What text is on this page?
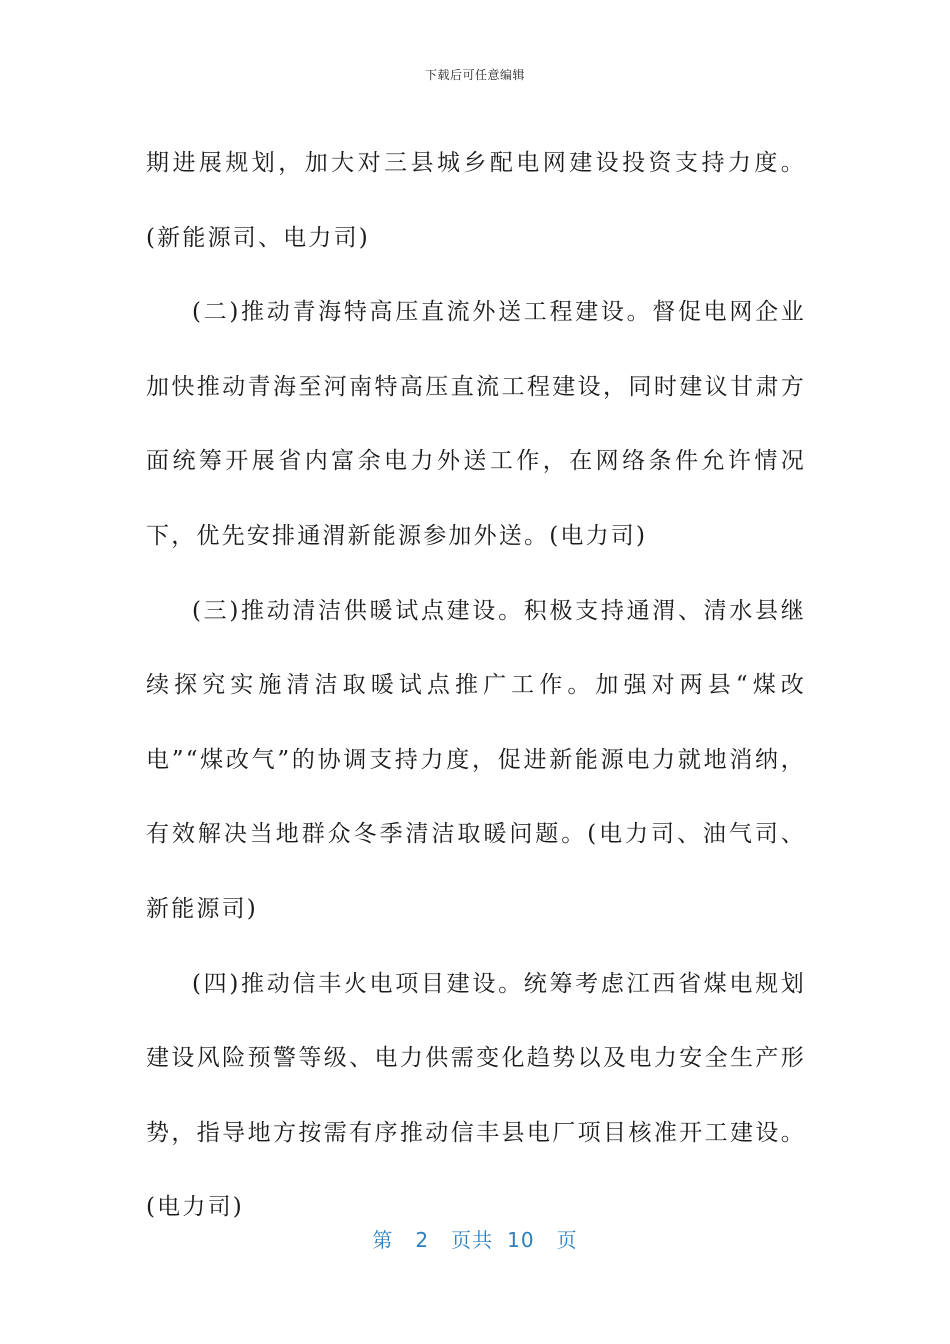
下载后可任意编辑

期进展规划，加大对三县城乡配电网建设投资支持力度。(新能源司、电力司)

(二)推动青海特高压直流外送工程建设。督促电网企业加快推动青海至河南特高压直流工程建设，同时建议甘肃方面统筹开展省内富余电力外送工作，在网络条件允许情况下，优先安排通渭新能源参加外送。(电力司)

(三)推动清洁供暖试点建设。积极支持通渭、清水县继续探究实施清洁取暖试点推广工作。加强对两县“煤改电”“煤改气”的协调支持力度，促进新能源电力就地消纳，有效解决当地群众冬季清洁取暖问题。(电力司、油气司、新能源司)

(四)推动信丰火电项目建设。统筹考虑江西省煤电规划建设风险预警等级、电力供需变化趋势以及电力安全生产形势，指导地方按需有序推动信丰县电厂项目核准开工建设。(电力司)

第 2 页共 10 页
